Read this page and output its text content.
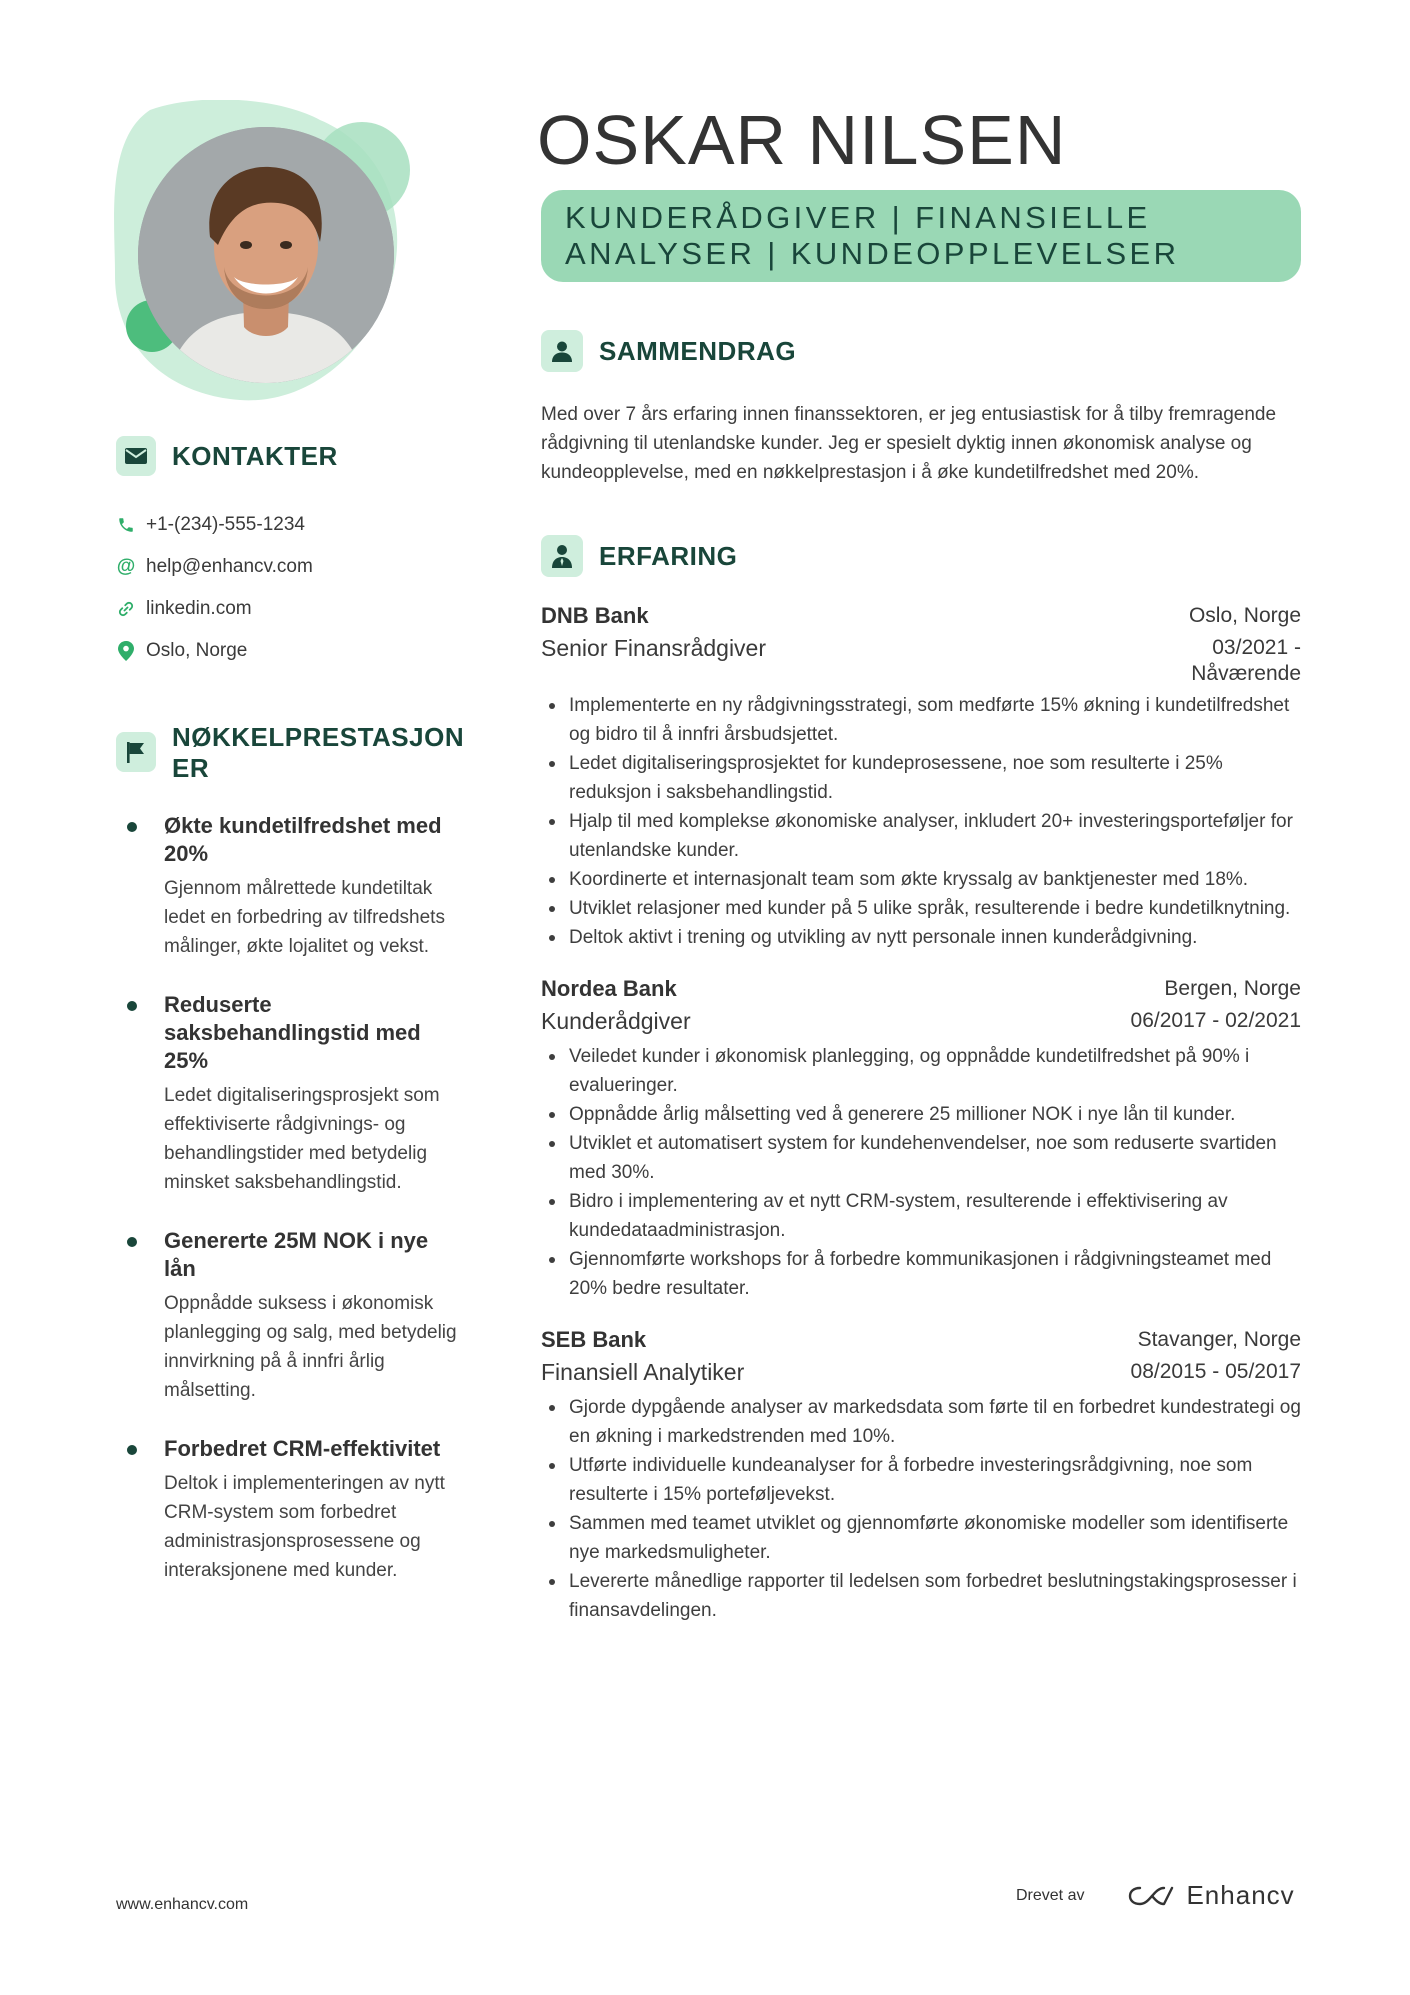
KONTAKTER
+1-(234)-555-1234
@ help@enhancv.com
linkedin.com
Oslo, Norge
NØKKELPRESTASJON
ER
Økte kundetilfredshet med 20%
Gjennom målrettede kundetiltak ledet en forbedring av tilfredshets målinger, økte lojalitet og vekst.
Reduserte saksbehandlingstid med 25%
Ledet digitaliseringsprosjekt som effektiviserte rådgivnings- og behandlingstider med betydelig minsket saksbehandlingstid.
Genererte 25M NOK i nye lån
Oppnådde suksess i økonomisk planlegging og salg, med betydelig innvirkning på å innfri årlig målsetting.
Forbedret CRM-effektivitet
Deltok i implementeringen av nytt CRM-system som forbedret administrasjonsprosessene og interaksjonene med kunder.
OSKAR NILSEN
KUNDERÅDGIVER | FINANSIELLE ANALYSER | KUNDEOPPLEVELSER
SAMMENDRAG
Med over 7 års erfaring innen finanssektoren, er jeg entusiastisk for å tilby fremragende rådgivning til utenlandske kunder. Jeg er spesielt dyktig innen økonomisk analyse og kundeopplevelse, med en nøkkelprestasjon i å øke kundetilfredshet med 20%.
ERFARING
DNB Bank	Oslo, Norge
Senior Finansrådgiver	03/2021 -
Nåværende
Implementerte en ny rådgivningsstrategi, som medførte 15% økning i kundetilfredshet og bidro til å innfri årsbudsjettet.
Ledet digitaliseringsprosjektet for kundeprosessene, noe som resulterte i 25% reduksjon i saksbehandlingstid.
Hjalp til med komplekse økonomiske analyser, inkludert 20+ investeringsporteføljer for utenlandske kunder.
Koordinerte et internasjonalt team som økte kryssalg av banktjenester med 18%.
Utviklet relasjoner med kunder på 5 ulike språk, resulterende i bedre kundetilknytning.
Deltok aktivt i trening og utvikling av nytt personale innen kunderådgivning.
Nordea Bank	Bergen, Norge
Kunderådgiver	06/2017 - 02/2021
Veiledet kunder i økonomisk planlegging, og oppnådde kundetilfredshet på 90% i evalueringer.
Oppnådde årlig målsetting ved å generere 25 millioner NOK i nye lån til kunder.
Utviklet et automatisert system for kundehenvendelser, noe som reduserte svartiden med 30%.
Bidro i implementering av et nytt CRM-system, resulterende i effektivisering av kundedataadministrasjon.
Gjennomførte workshops for å forbedre kommunikasjonen i rådgivningsteamet med 20% bedre resultater.
SEB Bank	Stavanger, Norge
Finansiell Analytiker	08/2015 - 05/2017
Gjorde dypgående analyser av markedsdata som førte til en forbedret kundestrategi og en økning i markedstrenden med 10%.
Utførte individuelle kundeanalyser for å forbedre investeringsrådgivning, noe som resulterte i 15% porteføljevekst.
Sammen med teamet utviklet og gjennomførte økonomiske modeller som identifiserte nye markedsmuligheter.
Levererte månedlige rapporter til ledelsen som forbedret beslutningstakingsprosesser i finansavdelingen.
www.enhancv.com
Drevet av	Enhancv
